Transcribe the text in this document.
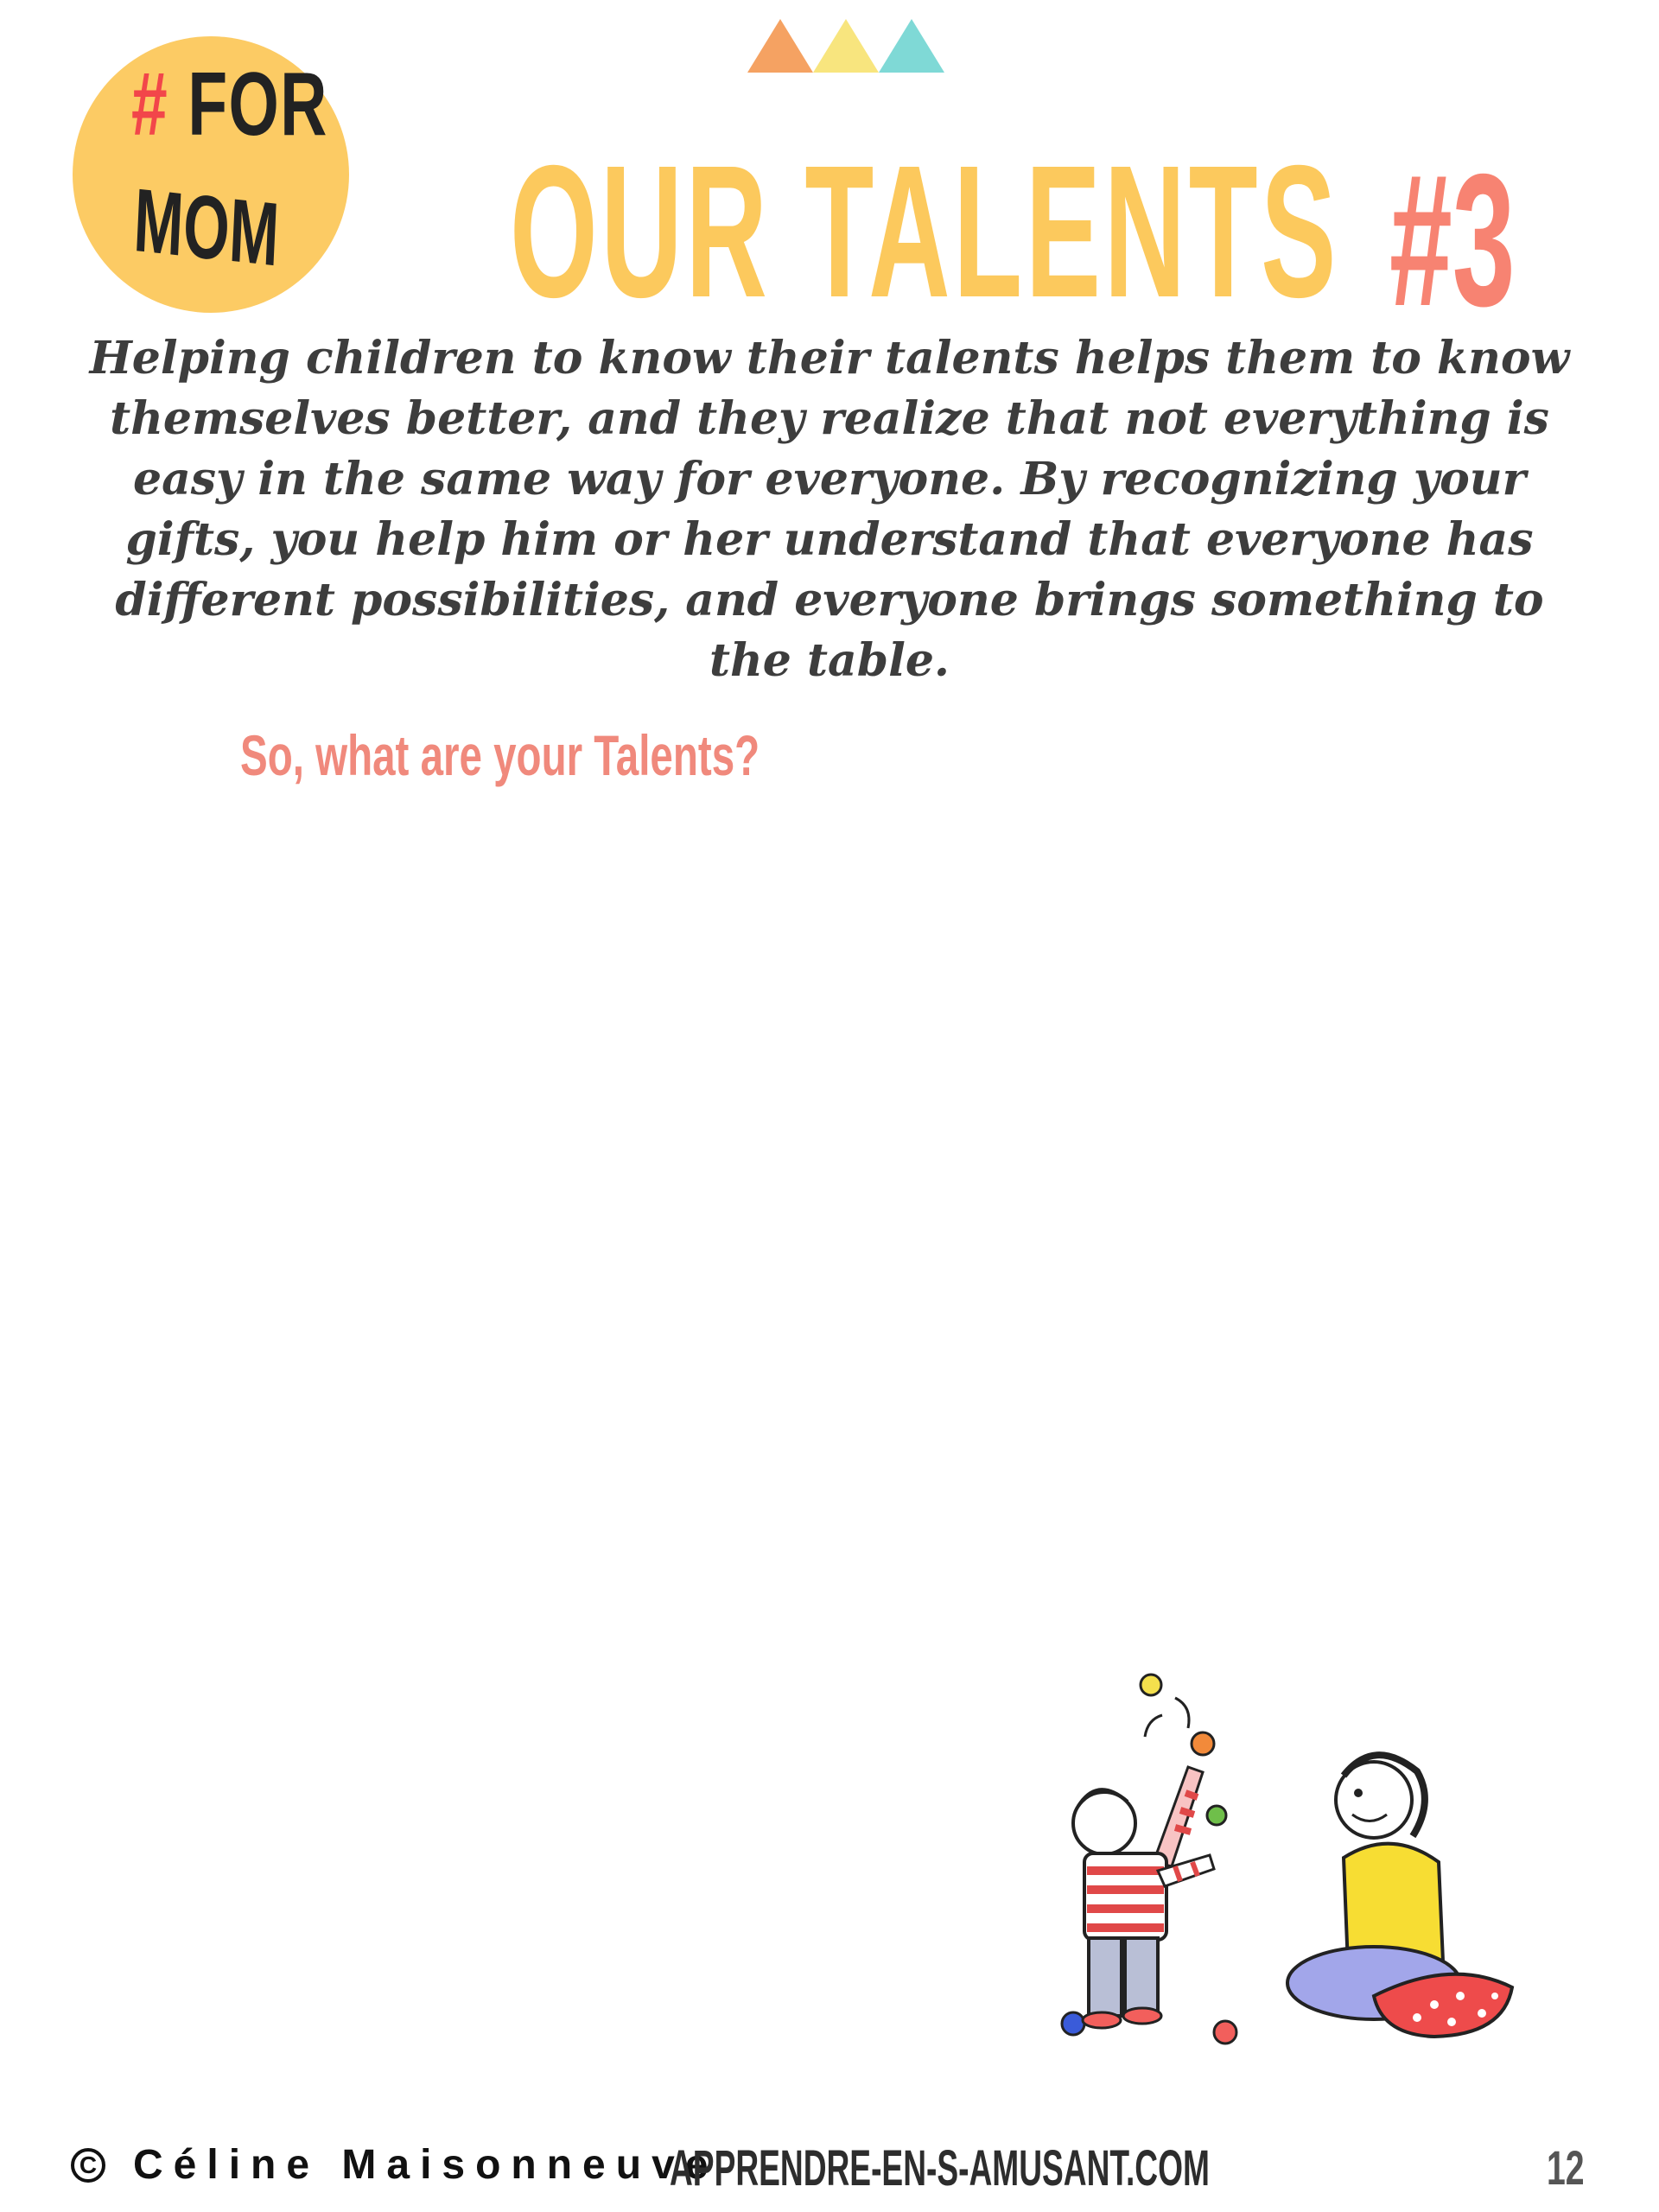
# FOR
MOM OUR TALENTS #3
Helping children to know their talents helps them to know themselves better, and they realize that not everything is easy in the same way for everyone. By recognizing your gifts, you help him or her understand that everyone has different possibilities, and everyone brings something to the table.
So, what are your Talents?
C Céline Maisonneuve
APPRENDRE-EN-S-AMUSANT.COM	12
